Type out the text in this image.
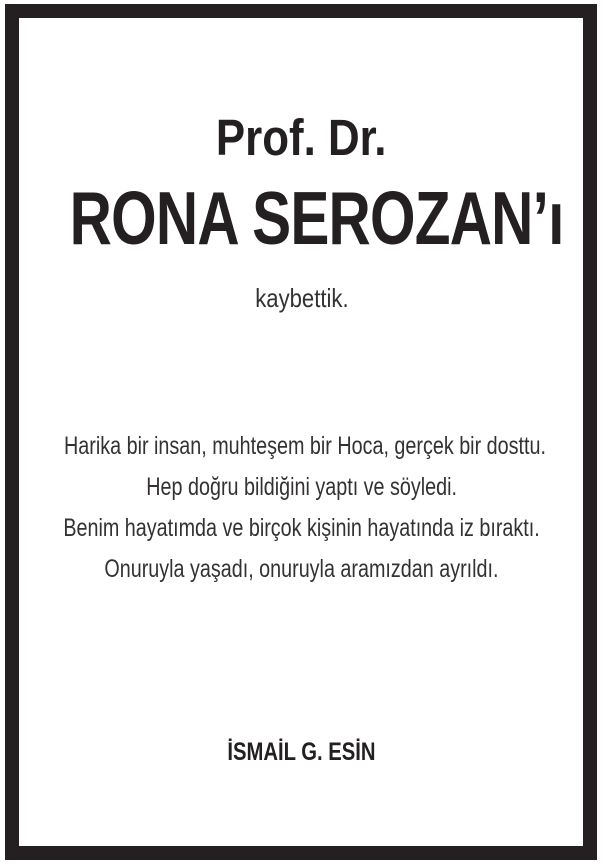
Prof. Dr.
RONA SEROZAN’ı
kaybettik.
Harika bir insan, muhteşem bir Hoca, gerçek bir dosttu.
Hep doğru bildiğini yaptı ve söyledi.
Benim hayatımda ve birçok kişinin hayatında iz bıraktı.
Onuruyla yaşadı, onuruyla aramızdan ayrıldı.
İSMAİL G. ESİN
